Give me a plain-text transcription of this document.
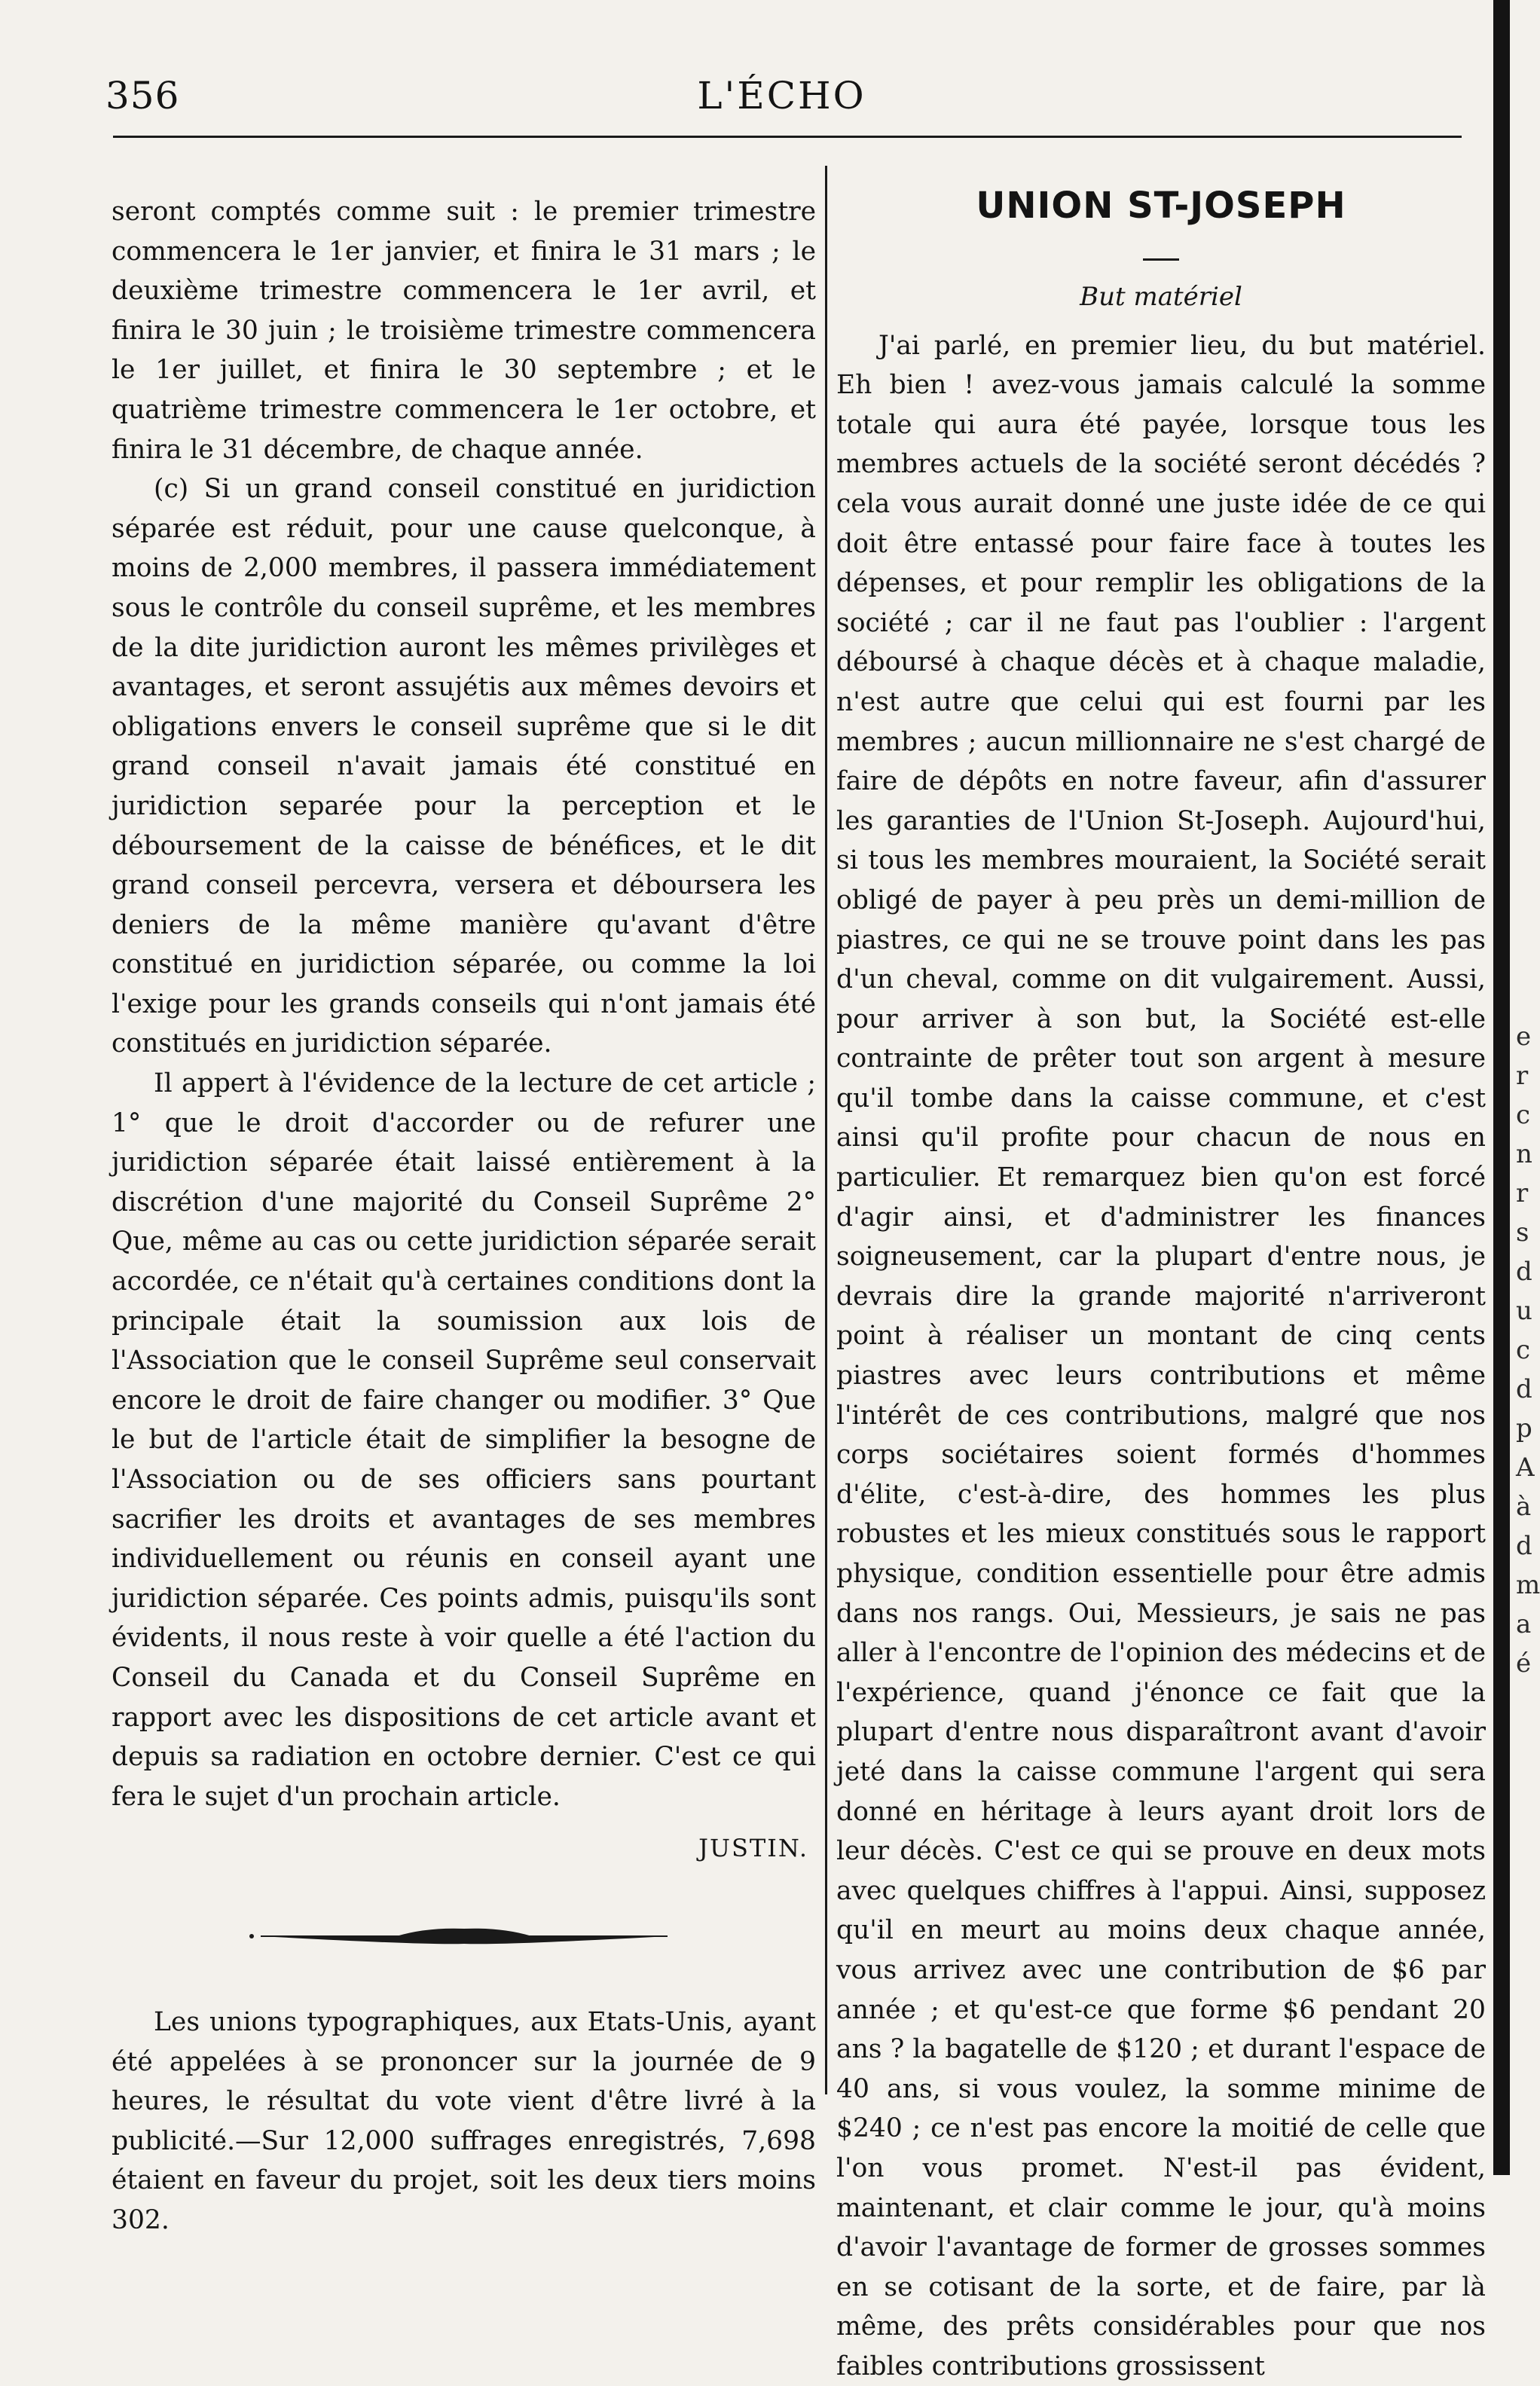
356	L'ÉCHO

seront comptés comme suit : le premier trimestre commencera le 1er janvier, et finira le 31 mars ; le deuxième trimestre commencera le 1er avril, et finira le 30 juin ; le troisième trimestre commencera le 1er juillet, et finira le 30 septembre ; et le quatrième trimestre commencera le 1er octobre, et finira le 31 décembre, de chaque année.

(c) Si un grand conseil constitué en juridiction séparée est réduit, pour une cause quelconque, à moins de 2,000 membres, il passera immédiatement sous le contrôle du conseil suprême, et les membres de la dite juridiction auront les mêmes privilèges et avantages, et seront assujétis aux mêmes devoirs et obligations envers le conseil suprême que si le dit grand conseil n'avait jamais été constitué en juridiction separée pour la perception et le déboursement de la caisse de bénéfices, et le dit grand conseil percevra, versera et déboursera les deniers de la même manière qu'avant d'être constitué en juridiction séparée, ou comme la loi l'exige pour les grands conseils qui n'ont jamais été constitués en juridiction séparée.

Il appert à l'évidence de la lecture de cet article ; 1° que le droit d'accorder ou de refurer une juridiction séparée était laissé entièrement à la discrétion d'une majorité du Conseil Suprême 2° Que, même au cas ou cette juridiction séparée serait accordée, ce n'était qu'à certaines conditions dont la principale était la soumission aux lois de l'Association que le conseil Suprême seul conservait encore le droit de faire changer ou modifier. 3° Que le but de l'article était de simplifier la besogne de l'Association ou de ses officiers sans pourtant sacrifier les droits et avantages de ses membres individuellement ou réunis en conseil ayant une juridiction séparée. Ces points admis, puisqu'ils sont évidents, il nous reste à voir quelle a été l'action du Conseil du Canada et du Conseil Suprême en rapport avec les dispositions de cet article avant et depuis sa radiation en octobre dernier. C'est ce qui fera le sujet d'un prochain article.

JUSTIN.

Les unions typographiques, aux Etats-Unis, ayant été appelées à se prononcer sur la journée de 9 heures, le résultat du vote vient d'être livré à la publicité.—Sur 12,000 suffrages enregistrés, 7,698 étaient en faveur du projet, soit les deux tiers moins 302.

UNION ST-JOSEPH
But matériel

J'ai parlé, en premier lieu, du but matériel. Eh bien ! avez-vous jamais calculé la somme totale qui aura été payée, lorsque tous les membres actuels de la société seront décédés ? cela vous aurait donné une juste idée de ce qui doit être entassé pour faire face à toutes les dépenses, et pour remplir les obligations de la société ; car il ne faut pas l'oublier : l'argent déboursé à chaque décès et à chaque maladie, n'est autre que celui qui est fourni par les membres ; aucun millionnaire ne s'est chargé de faire de dépôts en notre faveur, afin d'assurer les garanties de l'Union St-Joseph. Aujourd'hui, si tous les membres mouraient, la Société serait obligé de payer à peu près un demi-million de piastres, ce qui ne se trouve point dans les pas d'un cheval, comme on dit vulgairement. Aussi, pour arriver à son but, la Société est-elle contrainte de prêter tout son argent à mesure qu'il tombe dans la caisse commune, et c'est ainsi qu'il profite pour chacun de nous en particulier. Et remarquez bien qu'on est forcé d'agir ainsi, et d'administrer les finances soigneusement, car la plupart d'entre nous, je devrais dire la grande majorité n'arriveront point à réaliser un montant de cinq cents piastres avec leurs contributions et même l'intérêt de ces contributions, malgré que nos corps sociétaires soient formés d'hommes d'élite, c'est-à-dire, des hommes les plus robustes et les mieux constitués sous le rapport physique, condition essentielle pour être admis dans nos rangs. Oui, Messieurs, je sais ne pas aller à l'encontre de l'opinion des médecins et de l'expérience, quand j'énonce ce fait que la plupart d'entre nous disparaîtront avant d'avoir jeté dans la caisse commune l'argent qui sera donné en héritage à leurs ayant droit lors de leur décès. C'est ce qui se prouve en deux mots avec quelques chiffres à l'appui. Ainsi, supposez qu'il en meurt au moins deux chaque année, vous arrivez avec une contribution de $6 par année ; et qu'est-ce que forme $6 pendant 20 ans ? la bagatelle de $120 ; et durant l'espace de 40 ans, si vous voulez, la somme minime de $240 ; ce n'est pas encore la moitié de celle que l'on vous promet. N'est-il pas évident, maintenant, et clair comme le jour, qu'à moins d'avoir l'avantage de former de grosses sommes en se cotisant de la sorte, et de faire, par là même, des prêts considérables pour que nos faibles contributions grossissent

e r c n r s d u c d p A à d m a é
